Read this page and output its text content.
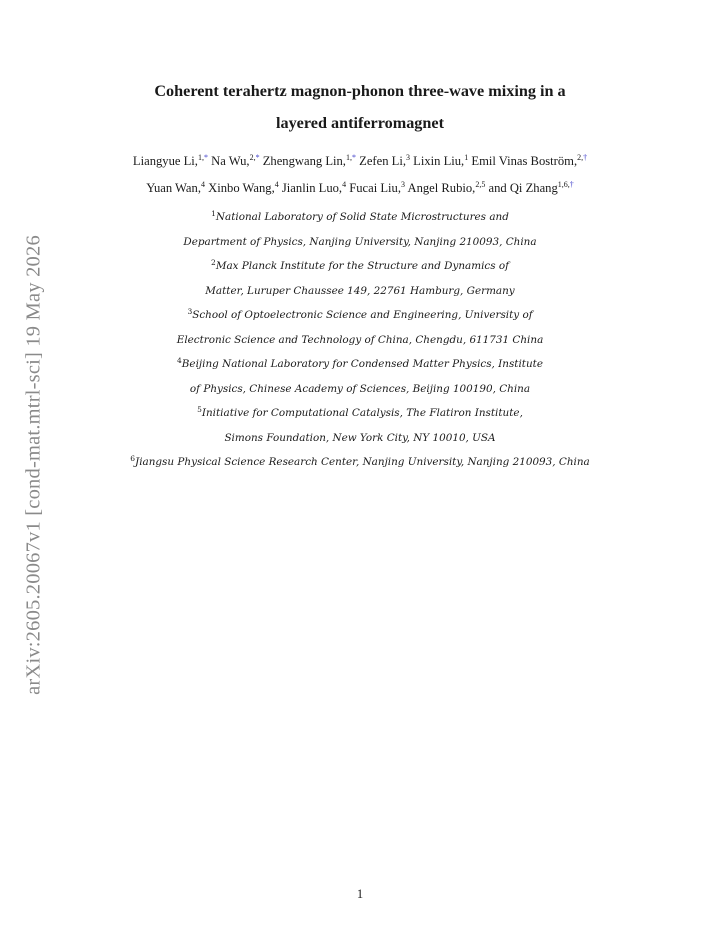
arXiv:2605.20067v1 [cond-mat.mtrl-sci] 19 May 2026
Coherent terahertz magnon-phonon three-wave mixing in a
layered antiferromagnet
Liangyue Li,$^{1,*}$ Na Wu,$^{2,*}$ Zhengwang Lin,$^{1,*}$ Zefen Li,$^3$ Lixin Liu,$^1$ Emil Vinas Boström,$^{2,\dagger}$
Yuan Wan,$^4$ Xinbo Wang,$^4$ Jianlin Luo,$^4$ Fucai Liu,$^3$ Angel Rubio,$^{2,5}$ and Qi Zhang$^{1,6,\dagger}$
$^1$National Laboratory of Solid State Microstructures and
Department of Physics, Nanjing University, Nanjing 210093, China
$^2$Max Planck Institute for the Structure and Dynamics of
Matter, Luruper Chaussee 149, 22761 Hamburg, Germany
$^3$School of Optoelectronic Science and Engineering, University of
Electronic Science and Technology of China, Chengdu, 611731 China
$^4$Beijing National Laboratory for Condensed Matter Physics, Institute
of Physics, Chinese Academy of Sciences, Beijing 100190, China
$^5$Initiative for Computational Catalysis, The Flatiron Institute,
Simons Foundation, New York City, NY 10010, USA
$^6$Jiangsu Physical Science Research Center, Nanjing University, Nanjing 210093, China
1
